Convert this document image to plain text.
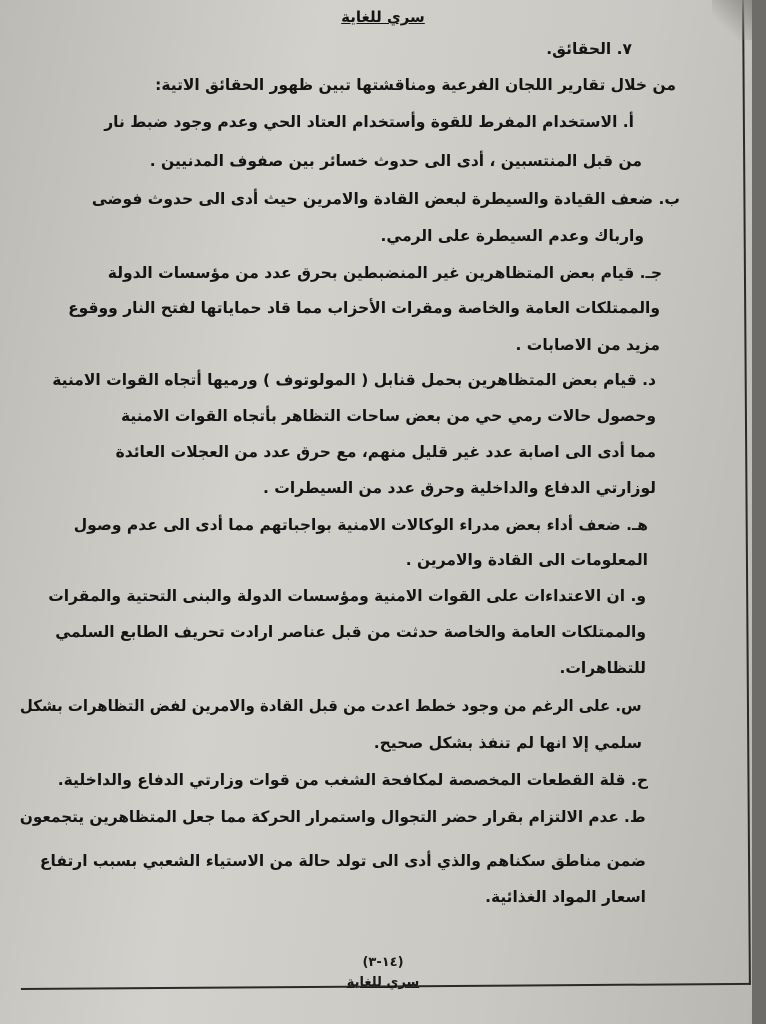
سري للغاية
٧. الحقائق.
من خلال تقارير اللجان الفرعية ومناقشتها تبين ظهور الحقائق الاتية:
أ. الاستخدام المفرط للقوة وأستخدام العتاد الحي وعدم وجود ضبط نار
من قبل المنتسبين ، أدى الى حدوث خسائر بين صفوف المدنيين .
ب. ضعف القيادة والسيطرة لبعض القادة والامرين حيث أدى الى حدوث فوضى
وارباك وعدم السيطرة على الرمي.
جـ. قيام بعض المتظاهرين غير المنضبطين بحرق عدد من مؤسسات الدولة
والممتلكات العامة والخاصة ومقرات الأحزاب مما قاد حماياتها لفتح النار ووقوع
مزيد من الاصابات .
د. قيام بعض المتظاهرين بحمل قنابل ( المولوتوف ) ورميها أتجاه القوات الامنية
وحصول حالات رمي حي من بعض ساحات التظاهر بأتجاه القوات الامنية
مما أدى الى اصابة عدد غير قليل منهم، مع حرق عدد من العجلات العائدة
لوزارتي الدفاع والداخلية وحرق عدد من السيطرات .
هـ. ضعف أداء بعض مدراء الوكالات الامنية بواجباتهم مما أدى الى عدم وصول
المعلومات الى القادة والامرين .
و. ان الاعتداءات على القوات الامنية ومؤسسات الدولة والبنى التحتية والمقرات
والممتلكات العامة والخاصة حدثت من قبل عناصر ارادت تحريف الطابع السلمي
للتظاهرات.
س. على الرغم من وجود خطط اعدت من قبل القادة والامرين لفض التظاهرات بشكل
سلمي إلا انها لم تنفذ بشكل صحيح.
ح. قلة القطعات المخصصة لمكافحة الشغب من قوات وزارتي الدفاع والداخلية.
ط. عدم الالتزام بقرار حضر التجوال واستمرار الحركة مما جعل المتظاهرين يتجمعون
ضمن مناطق سكناهم والذي أدى الى تولد حالة من الاستياء الشعبي بسبب ارتفاع
اسعار المواد الغذائية.
(١٤-٣)
سري للغاية
